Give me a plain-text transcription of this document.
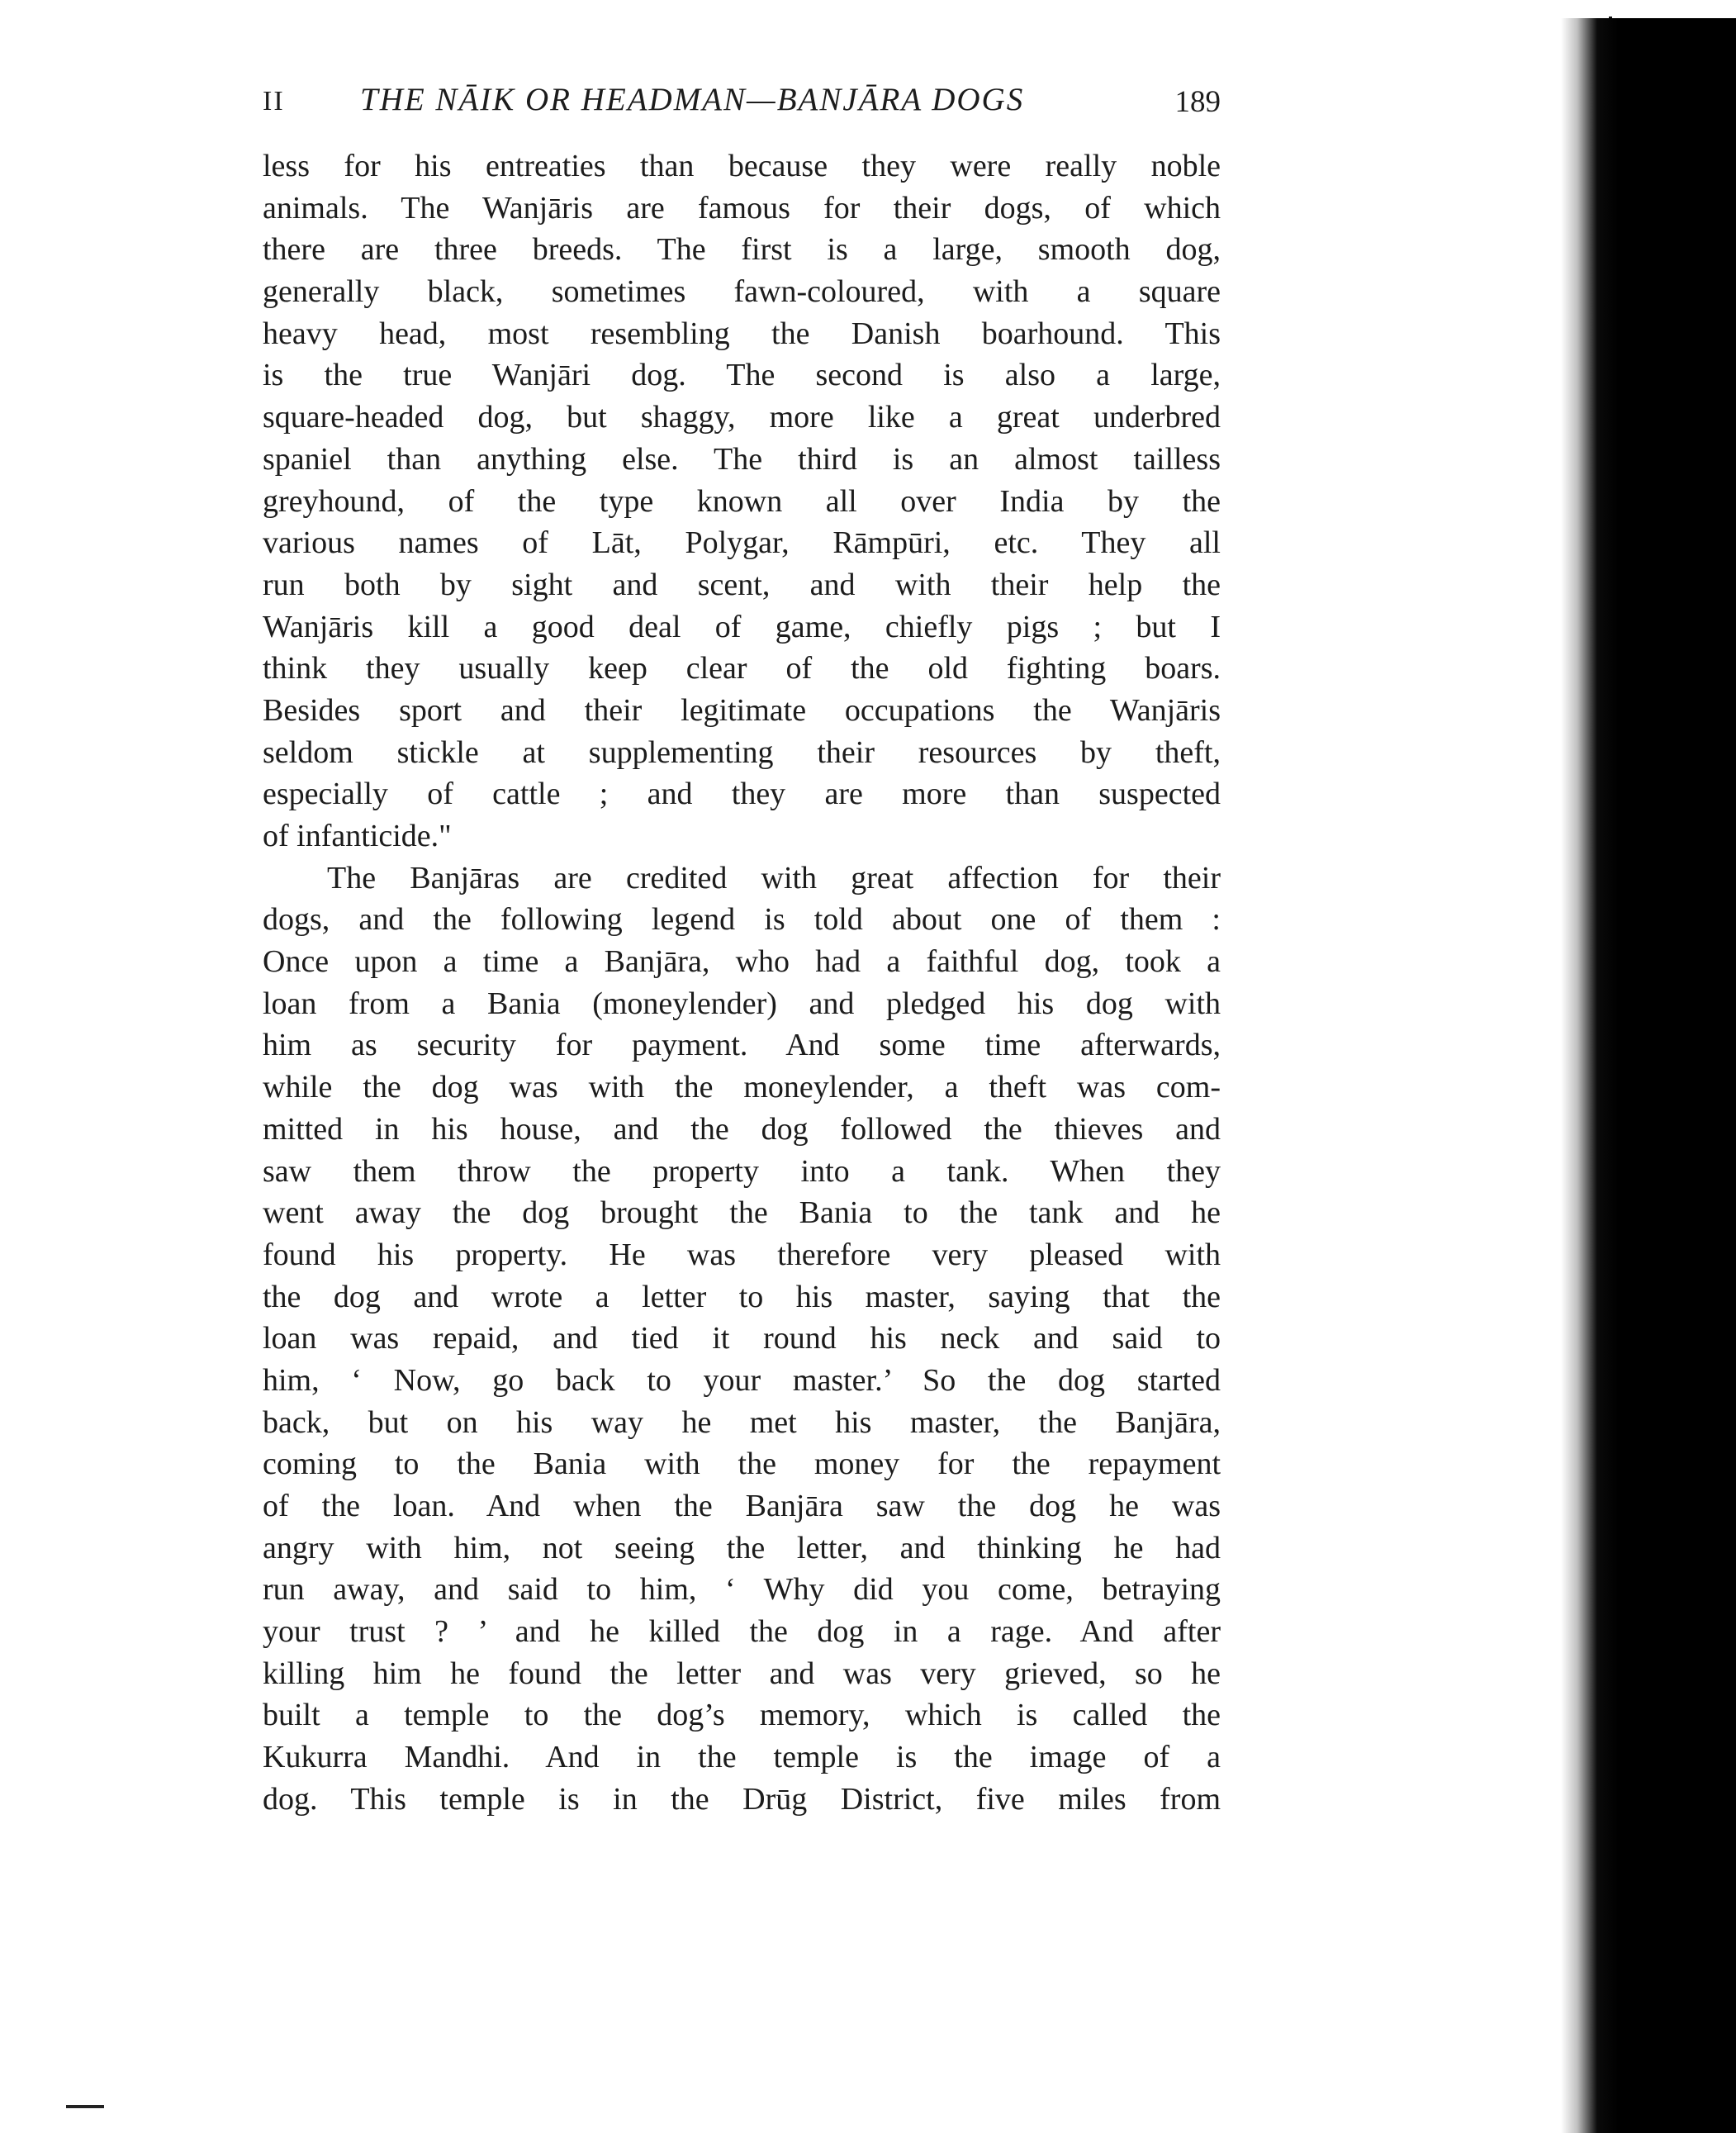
II THE NĀIK OR HEADMAN—BANJĀRA DOGS	189
less for his entreaties than because they were really noble
animals. The Wanjāris are famous for their dogs, of which
there are three breeds. The first is a large, smooth dog,
generally black, sometimes fawn-coloured, with a square
heavy head, most resembling the Danish boarhound. This
is the true Wanjāri dog. The second is also a large,
square-headed dog, but shaggy, more like a great underbred
spaniel than anything else. The third is an almost tailless
greyhound, of the type known all over India by the
various names of Lāt, Polygar, Rāmpūri, etc. They all
run both by sight and scent, and with their help the
Wanjāris kill a good deal of game, chiefly pigs ; but I
think they usually keep clear of the old fighting boars.
Besides sport and their legitimate occupations the Wanjāris
seldom stickle at supplementing their resources by theft,
especially of cattle ; and they are more than suspected
of infanticide."
The Banjāras are credited with great affection for their
dogs, and the following legend is told about one of them :
Once upon a time a Banjāra, who had a faithful dog, took a
loan from a Bania (moneylender) and pledged his dog with
him as security for payment. And some time afterwards,
while the dog was with the moneylender, a theft was com-
mitted in his house, and the dog followed the thieves and
saw them throw the property into a tank. When they
went away the dog brought the Bania to the tank and he
found his property. He was therefore very pleased with
the dog and wrote a letter to his master, saying that the
loan was repaid, and tied it round his neck and said to
him, ‘ Now, go back to your master.’ So the dog started
back, but on his way he met his master, the Banjāra,
coming to the Bania with the money for the repayment
of the loan. And when the Banjāra saw the dog he was
angry with him, not seeing the letter, and thinking he had
run away, and said to him, ‘ Why did you come, betraying
your trust ? ’ and he killed the dog in a rage. And after
killing him he found the letter and was very grieved, so he
built a temple to the dog’s memory, which is called the
Kukurra Mandhi. And in the temple is the image of a
dog. This temple is in the Drūg District, five miles from
